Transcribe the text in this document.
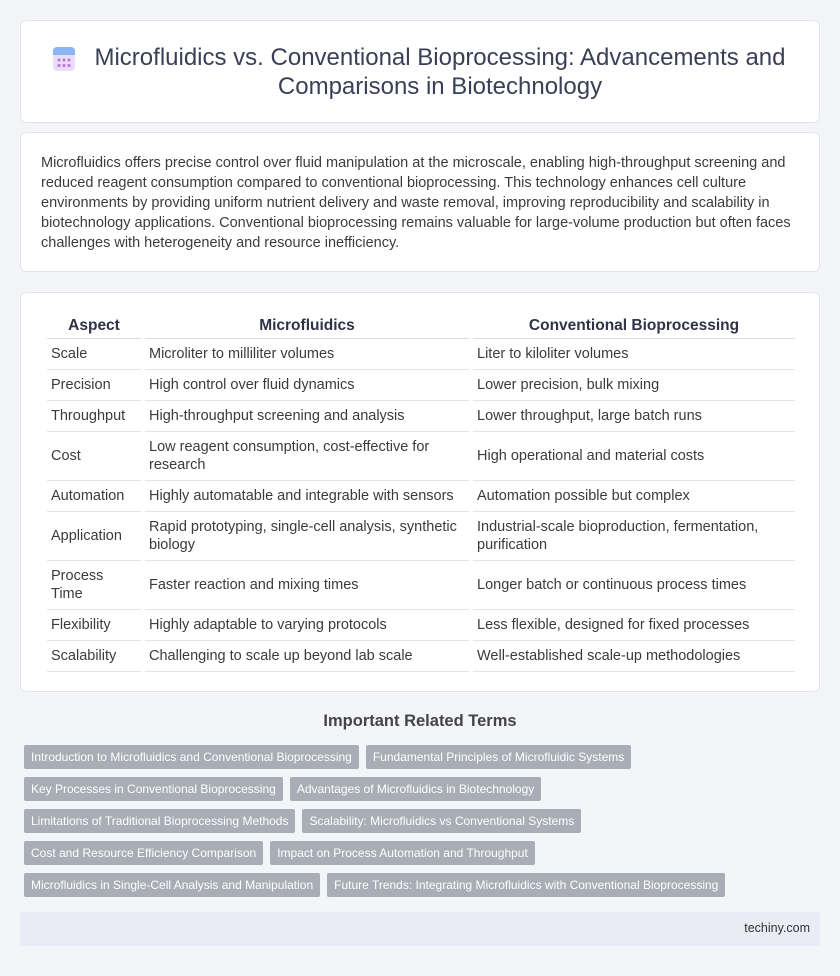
Microfluidics vs. Conventional Bioprocessing: Advancements and Comparisons in Biotechnology

Microfluidics offers precise control over fluid manipulation at the microscale, enabling high-throughput screening and reduced reagent consumption compared to conventional bioprocessing. This technology enhances cell culture environments by providing uniform nutrient delivery and waste removal, improving reproducibility and scalability in biotechnology applications. Conventional bioprocessing remains valuable for large-volume production but often faces challenges with heterogeneity and resource inefficiency.

Aspect	Microfluidics	Conventional Bioprocessing
Scale	Microliter to milliliter volumes	Liter to kiloliter volumes
Precision	High control over fluid dynamics	Lower precision, bulk mixing
Throughput	High-throughput screening and analysis	Lower throughput, large batch runs
Cost	Low reagent consumption, cost-effective for research	High operational and material costs
Automation	Highly automatable and integrable with sensors	Automation possible but complex
Application	Rapid prototyping, single-cell analysis, synthetic biology	Industrial-scale bioproduction, fermentation, purification
Process Time	Faster reaction and mixing times	Longer batch or continuous process times
Flexibility	Highly adaptable to varying protocols	Less flexible, designed for fixed processes
Scalability	Challenging to scale up beyond lab scale	Well-established scale-up methodologies
Important Related Terms
Introduction to Microfluidics and Conventional Bioprocessing Fundamental Principles of Microfluidic Systems
Key Processes in Conventional Bioprocessing Advantages of Microfluidics in Biotechnology
Limitations of Traditional Bioprocessing Methods Scalability: Microfluidics vs Conventional Systems
Cost and Resource Efficiency Comparison Impact on Process Automation and Throughput
Microfluidics in Single-Cell Analysis and Manipulation Future Trends: Integrating Microfluidics with Conventional Bioprocessing
techiny.com
